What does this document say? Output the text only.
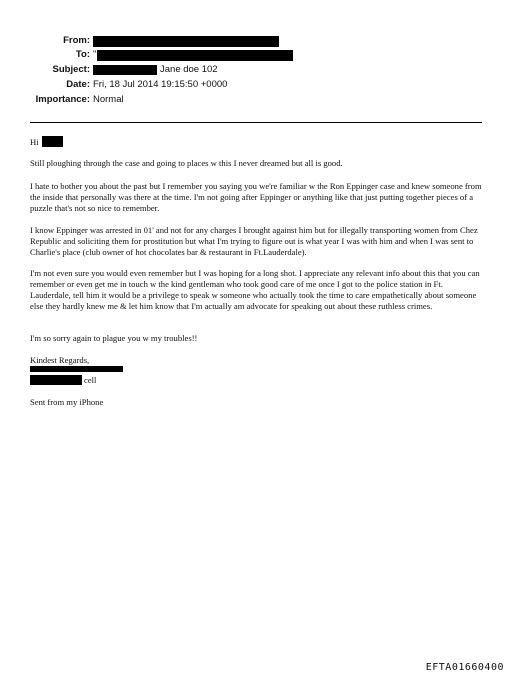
From:
To: "
Subject:	Jane doe 102
Date: Fri, 18 Jul 2014 19:15:50 +0000
Importance: Normal
Hi

Still ploughing through the case and going to places w this I never dreamed but all is good.

I hate to bother you about the past but I remember you saying you we're familiar w the Ron Eppinger case and knew someone from the inside that personally was there at the time. I'm not going after Eppinger or anything like that just putting together pieces of a puzzle that's not so nice to remember.

I know Eppinger was arrested in 01' and not for any charges I brought against him but for illegally transporting women from Chez Republic and soliciting them for prostitution but what I'm trying to figure out is what year I was with him and when I was sent to Charlie's place (club owner of hot chocolates bar & restaurant in Ft.Lauderdale).

I'm not even sure you would even remember but I was hoping for a long shot. I appreciate any relevant info about this that you can remember or even get me in touch w the kind gentleman who took good care of me once I got to the police station in Ft. Lauderdale, tell him it would be a privilege to speak w someone who actually took the time to care empathetically about someone else they hardly knew me & let him know that I'm actually am advocate for speaking out about these ruthless crimes.

I'm so sorry again to plague you w my troubles!!

Kindest Regards,
cell
Sent from my iPhone
EFTA01660400
